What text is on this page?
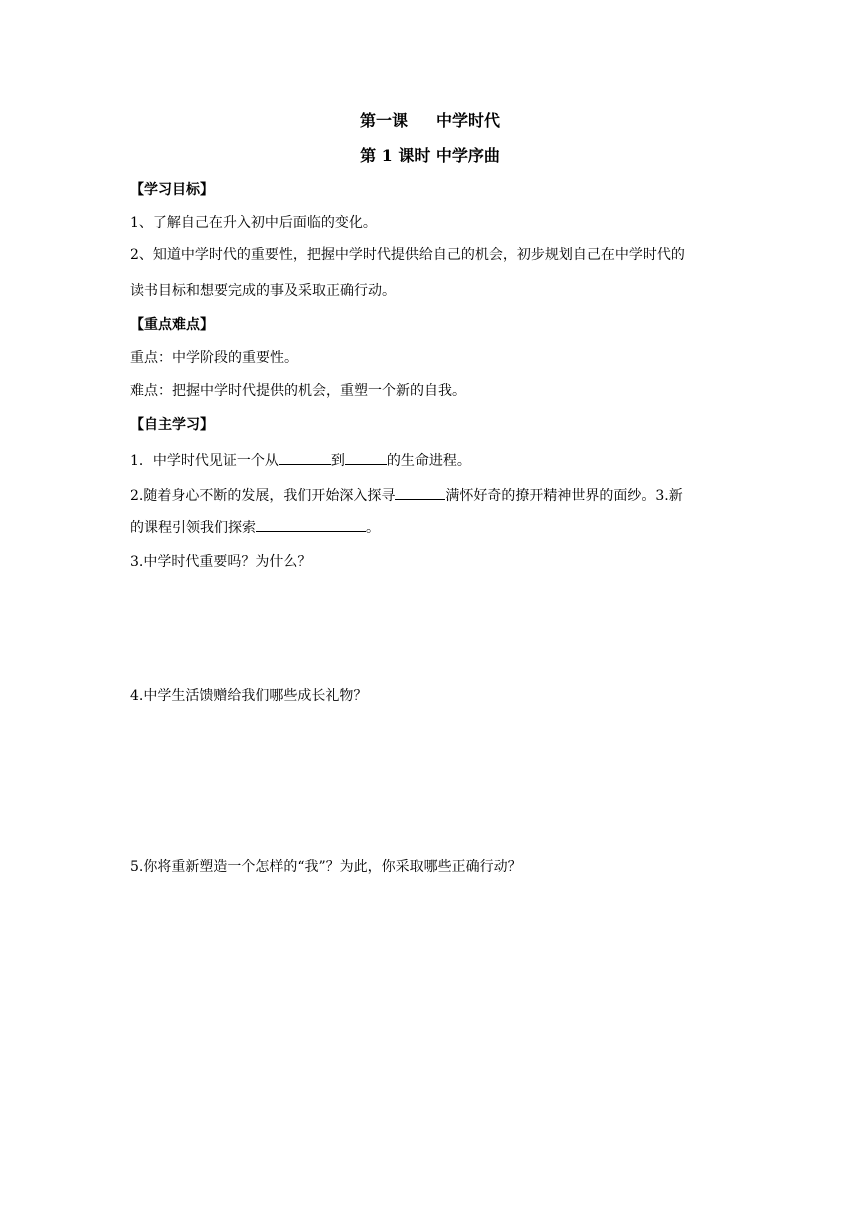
第一课 中学时代
第 1 课时 中学序曲
【学习目标】
1、了解自己在升入初中后面临的变化。
2、知道中学时代的重要性，把握中学时代提供给自己的机会，初步规划自己在中学时代的
读书目标和想要完成的事及采取正确行动。
【重点难点】
重点：中学阶段的重要性。
难点：把握中学时代提供的机会，重塑一个新的自我。
【自主学习】
1．中学时代见证一个从	到	的生命进程。
2.随着身心不断的发展，我们开始深入探寻	满怀好奇的撩开精神世界的面纱。3.新
的课程引领我们探索	。
3.中学时代重要吗？为什么？
4.中学生活馈赠给我们哪些成长礼物？
5.你将重新塑造一个怎样的“我”？为此，你采取哪些正确行动？
